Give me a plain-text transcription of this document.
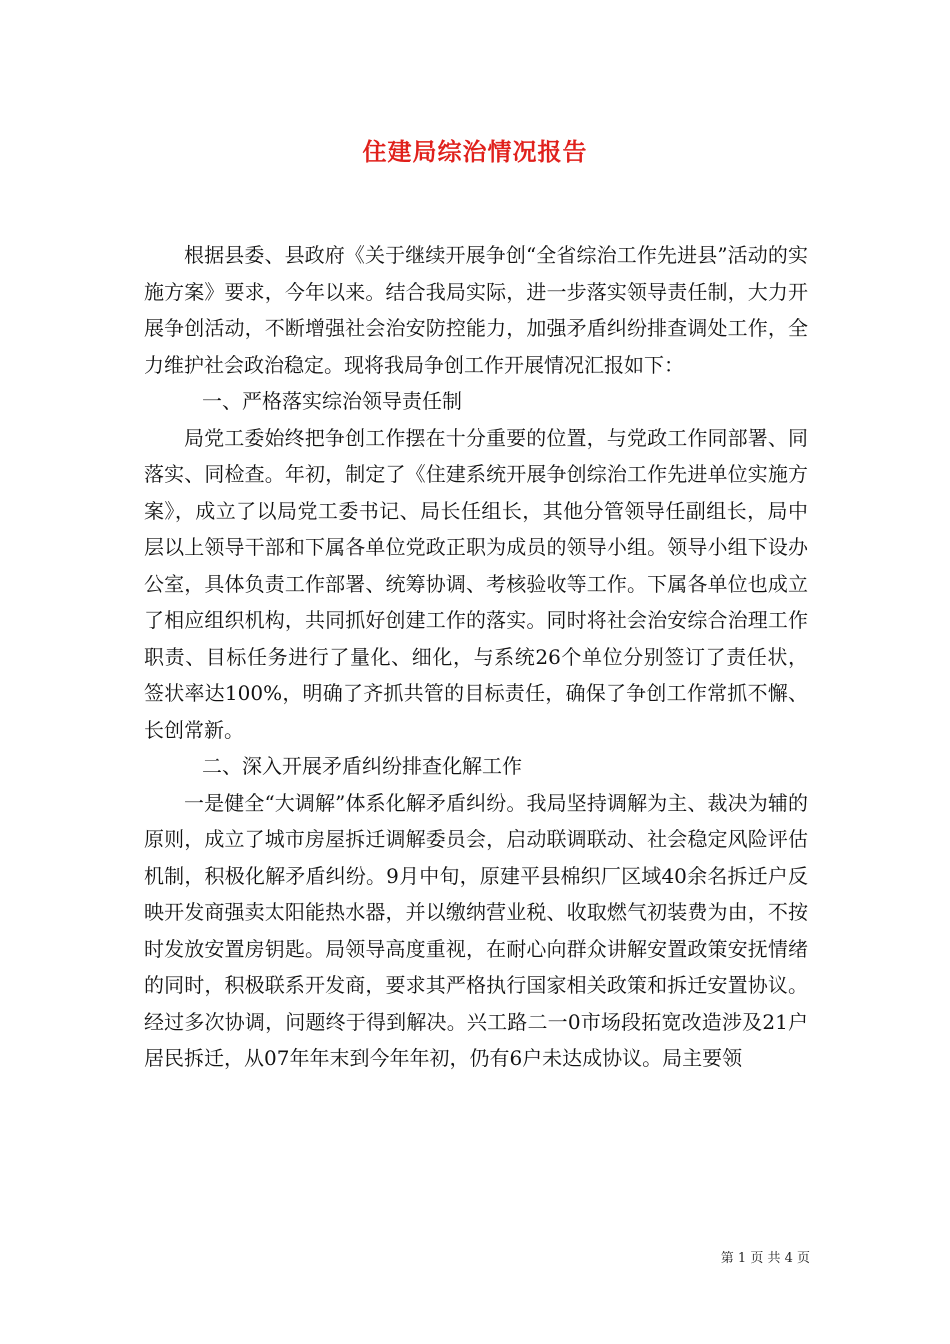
住建局综治情况报告

根据县委、县政府《关于继续开展争创“全省综治工作先进县”活动的实施方案》要求，今年以来。结合我局实际，进一步落实领导责任制，大力开展争创活动，不断增强社会治安防控能力，加强矛盾纠纷排查调处工作，全力维护社会政治稳定。现将我局争创工作开展情况汇报如下：

一、严格落实综治领导责任制

局党工委始终把争创工作摆在十分重要的位置，与党政工作同部署、同落实、同检查。年初，制定了《住建系统开展争创综治工作先进单位实施方案》，成立了以局党工委书记、局长任组长，其他分管领导任副组长，局中层以上领导干部和下属各单位党政正职为成员的领导小组。领导小组下设办公室，具体负责工作部署、统筹协调、考核验收等工作。下属各单位也成立了相应组织机构，共同抓好创建工作的落实。同时将社会治安综合治理工作职责、目标任务进行了量化、细化，与系统26个单位分别签订了责任状，签状率达100%，明确了齐抓共管的目标责任，确保了争创工作常抓不懈、长创常新。

二、深入开展矛盾纠纷排查化解工作

一是健全“大调解”体系化解矛盾纠纷。我局坚持调解为主、裁决为辅的原则，成立了城市房屋拆迁调解委员会，启动联调联动、社会稳定风险评估机制，积极化解矛盾纠纷。9月中旬，原建平县棉织厂区域40余名拆迁户反映开发商强卖太阳能热水器，并以缴纳营业税、收取燃气初装费为由，不按时发放安置房钥匙。局领导高度重视，在耐心向群众讲解安置政策安抚情绪的同时，积极联系开发商，要求其严格执行国家相关政策和拆迁安置协议。经过多次协调，问题终于得到解决。兴工路二一0市场段拓宽改造涉及21户居民拆迁，从07年年末到今年年初，仍有6户未达成协议。局主要领

第 1 页 共 4 页
